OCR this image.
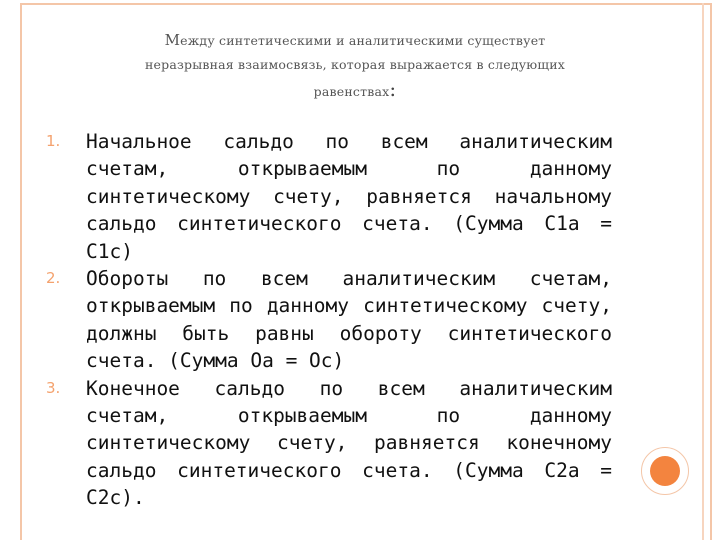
Между синтетическими и аналитическими существует
неразрывная взаимосвязь, которая выражается в следующих
равенствах:
1. Начальное сальдо по всем аналитическим счетам, открываемым по данному синтетическому счету, равняется начальному сальдо синтетического счета. (Сумма С1а = С1с)
2. Обороты по всем аналитическим счетам, открываемым по данному синтетическому счету, должны быть равны обороту синтетического счета. (Сумма Оа = Ос)
3. Конечное сальдо по всем аналитическим счетам, открываемым по данному синтетическому счету, равняется конечному сальдо синтетического счета. (Сумма С2а = С2с).
